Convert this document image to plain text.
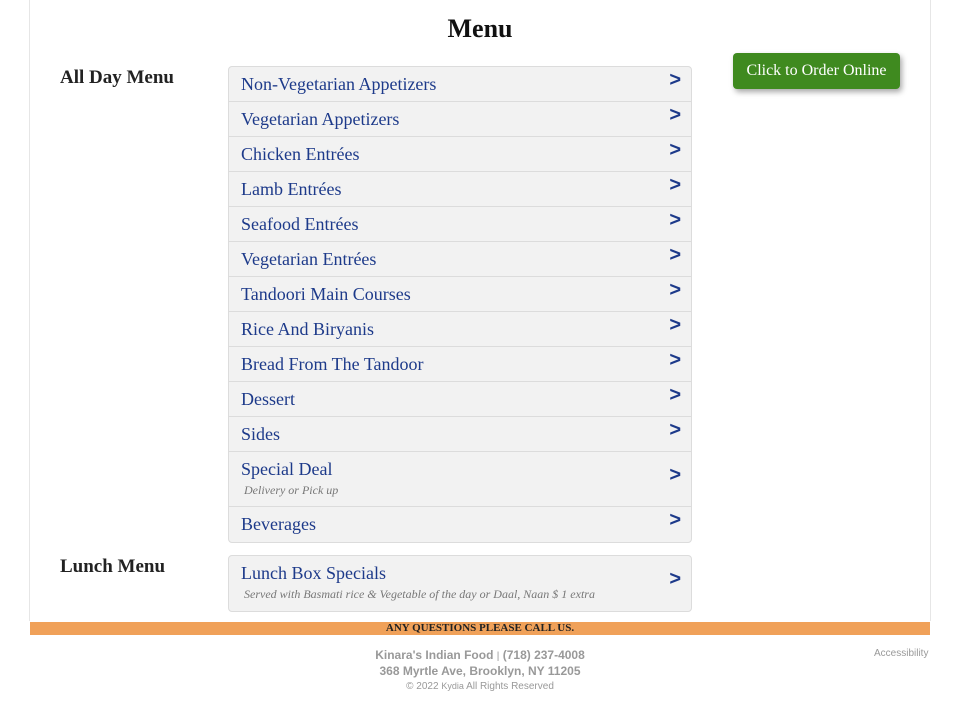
Menu
All Day Menu	Non-Vegetarian Appetizers	>
Vegetarian Appetizers	>
Chicken Entrées	>
Lamb Entrées	>
Seafood Entrées	>
Vegetarian Entrées	>
Tandoori Main Courses	>
Rice And Biryanis	>
Bread From The Tandoor	>
Dessert	>
Sides	>
Special Deal
Delivery or Pick up
>
Beverages	>
Click to Order Online
Lunch Menu	Lunch Box Specials
Served with Basmati rice & Vegetable of the day or Daal, Naan $ 1 extra
>
ANY QUESTIONS PLEASE CALL US.
Kinara's Indian Food | (718) 237-4008
368 Myrtle Ave, Brooklyn, NY 11205
© 2022 Kydia All Rights Reserved
Accessibility
